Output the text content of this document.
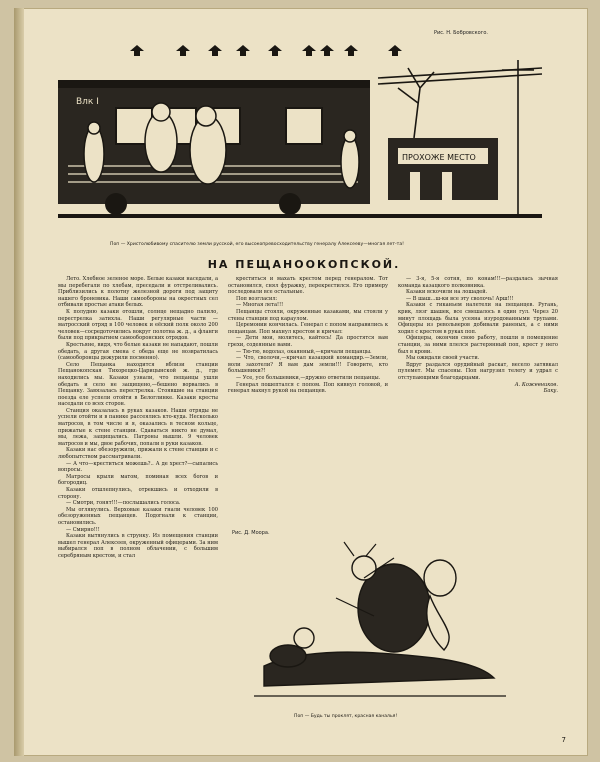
Рис. Н. Бобровского.
Влк I
ПРОХОЖЕ МЕСТО
Поп — Христолюбивому спасителю земли русской, его высокопревосходительству генералу Алексееву—многая лет-та!
НА ПЕЩАНООКОПСКОЙ.

Лето. Хлебное зеленое море. Белые казаки наседали, а мы перебегали по хлебам, преседали и отстреливались. Приблизились к полотну железной дороги под защиту нашего броневика. Наши самообороны на окрестных сел отбивали простые атаки белых.

К полудню казаки отошли, солнце нещадно палило, перестрелка затихла. Наши регулярные части — матросский отряд в 100 человек и еёский полк около 200 человек—сосредоточились вокруг полотна ж. д., а фланги были под прикрытием самооборонских отрядов.

Крестьяне, видя, что белые казаки не нападают, пошли обедать, а другая смена с обеда еще не возвратилась (самооборонцы дежурили посменно).

Село Пещанка находится вблизи станции Пещанокопская Тихорецко-Царицынской ж. д., где находились мы. Казаки узнали, что пещанцы ушли обедать и село не защищено,—бешено ворвались в Пещанку. Завязалась перестрелка. Стоявшие на станции поезда еле успели отойти в Белоглинке. Казаки кресты наседали со всех сторон.

Станция оказалась в руках казаков. Наши отряды не успели отойти и в панике рассеялись кто-куда. Несколько матросов, в том числе и я, оказались в тесном кольце, прижатые к стене станции. Сдаваться никто не думал, мы, лежа, защищались. Патроны вышли. 9 человек матросов и мы, двое рабочих, попали в руки казаков.

Казаки нас обезоружили, прижали к стене станции и с любопытством рассматривали.

— А что—креститься можешь?.. А де хрест?—сыпались вопросы.

Матросы крыли матом, поминая всех богов и богородиц.

Казаки отшлепнулись, отрекшись и отходили в сторону.

— Смотри, гонят!!!—послышались голоса.

Мы оглянулись. Верховые казаки гнали человек 100 обезоруженных пещанцев. Подогнали к станции, остановились.

— Смирно!!!

Казаки вытянулись в струнку. Из помещения станции вышел генерал Алексеев, окруженный офицерами. За ним выбирался поп в полном облачении, с большим серебряным крестом, и стал

креститься и махать крестом перед генералом. Тот остановился, снял фуражку, перекрестился. Его примеру последовали все остальные.

Поп возгласил:

— Многая лета!!!

Пещанцы стояли, окруженные казаками, мы стояли у стены станции под караулом.

Церемонии кончилась. Генерал с попом направились к пещанцам. Поп махнул крестом и кричал:

— Дети мои, молитесь, кайтесь! Да простятся вам грехи, содеянные вами.

— Тю-тю, водолаз, окаянный,—кричали пещанцы.

— Что, сволочи,—кричал казацкий командир.—Земли, воли захотели? Я вам дам земли!!! Говорите, кто большевики?!

— Усе, усе большевики,—дружно ответили пещанцы.

Генерал пошептался с попом. Поп кивнул головой, и генерал махнул рукой на пещанцев.

— 3-я, 5-я сотня, по конам!!!—раздалась зычная команда казацкого полковника.

Казаки вскочили на лошадей.

— В шаш...ш-ки все эту сволочь! Арш!!!

Казаки с гиканьем налетели на пещанцев. Ругань, крик, лязг шашек, все смешалось в один гул. Через 20 минут площадь была усеяна изуродованными трупами. Офицеры из револьверов добивали раненых, а с ними ходил с крестом в руках поп.

Офицеры, окончив свою работу, пошли в помещение станции, за ними плелся растерянный поп, крест у него был в крови.

Мы ожидали своей участи.

Вдруг раздался орудийный раскат, весело затявкал пулемет. Мы спасены. Поп нагрузил телегу и удрал с отступающими благодарцами.

А. Кожевников.
Баку.
Рис. Д. Моора.
Поп — Будь ты проклят, красная каналья!
7
